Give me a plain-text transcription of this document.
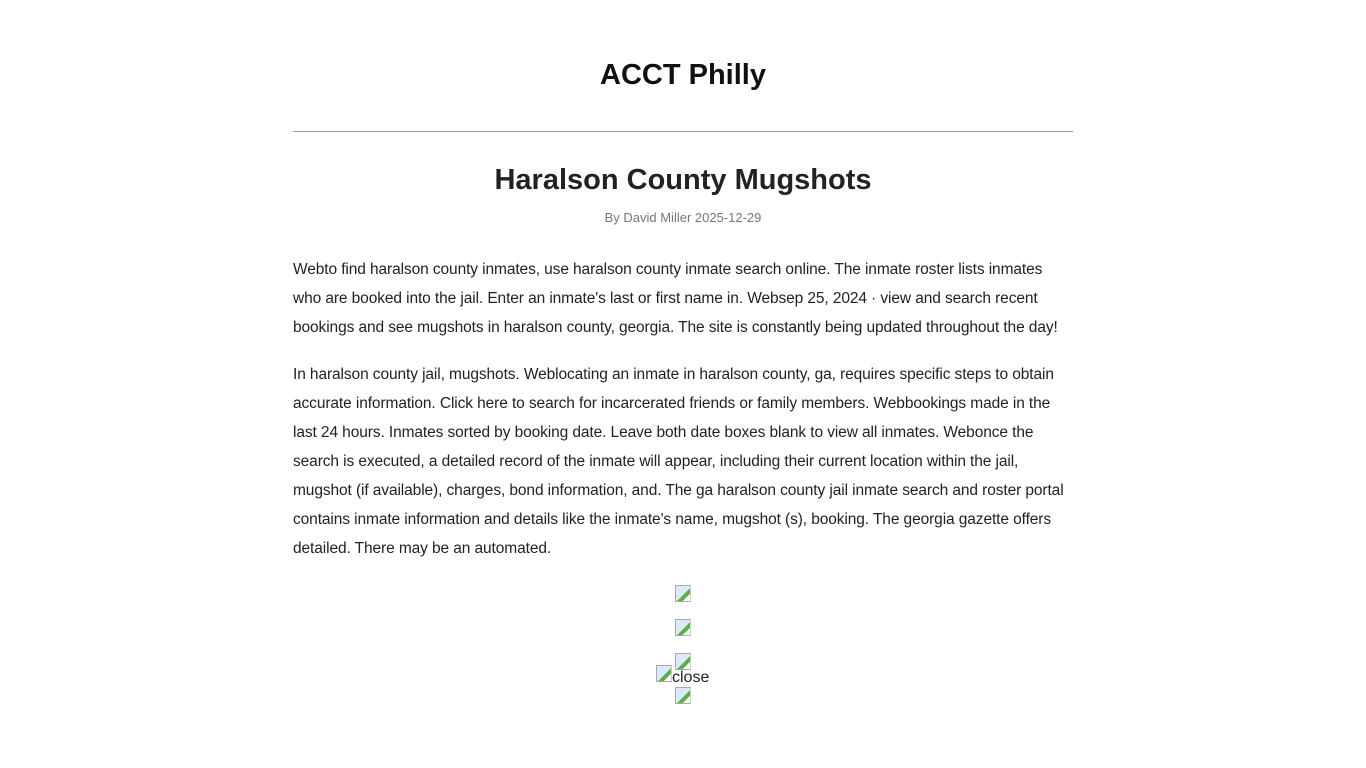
ACCT Philly
Haralson County Mugshots
By David Miller 2025-12-29

Webto find haralson county inmates, use haralson county inmate search online. The inmate roster lists inmates who are booked into the jail. Enter an inmate's last or first name in. Websep 25, 2024 · view and search recent bookings and see mugshots in haralson county, georgia. The site is constantly being updated throughout the day!

In haralson county jail, mugshots. Weblocating an inmate in haralson county, ga, requires specific steps to obtain accurate information. Click here to search for incarcerated friends or family members. Webbookings made in the last 24 hours. Inmates sorted by booking date. Leave both date boxes blank to view all inmates. Webonce the search is executed, a detailed record of the inmate will appear, including their current location within the jail, mugshot (if available), charges, bond information, and. The ga haralson county jail inmate search and roster portal contains inmate information and details like the inmate's name, mugshot (s), booking. The georgia gazette offers detailed. There may be an automated.

close
